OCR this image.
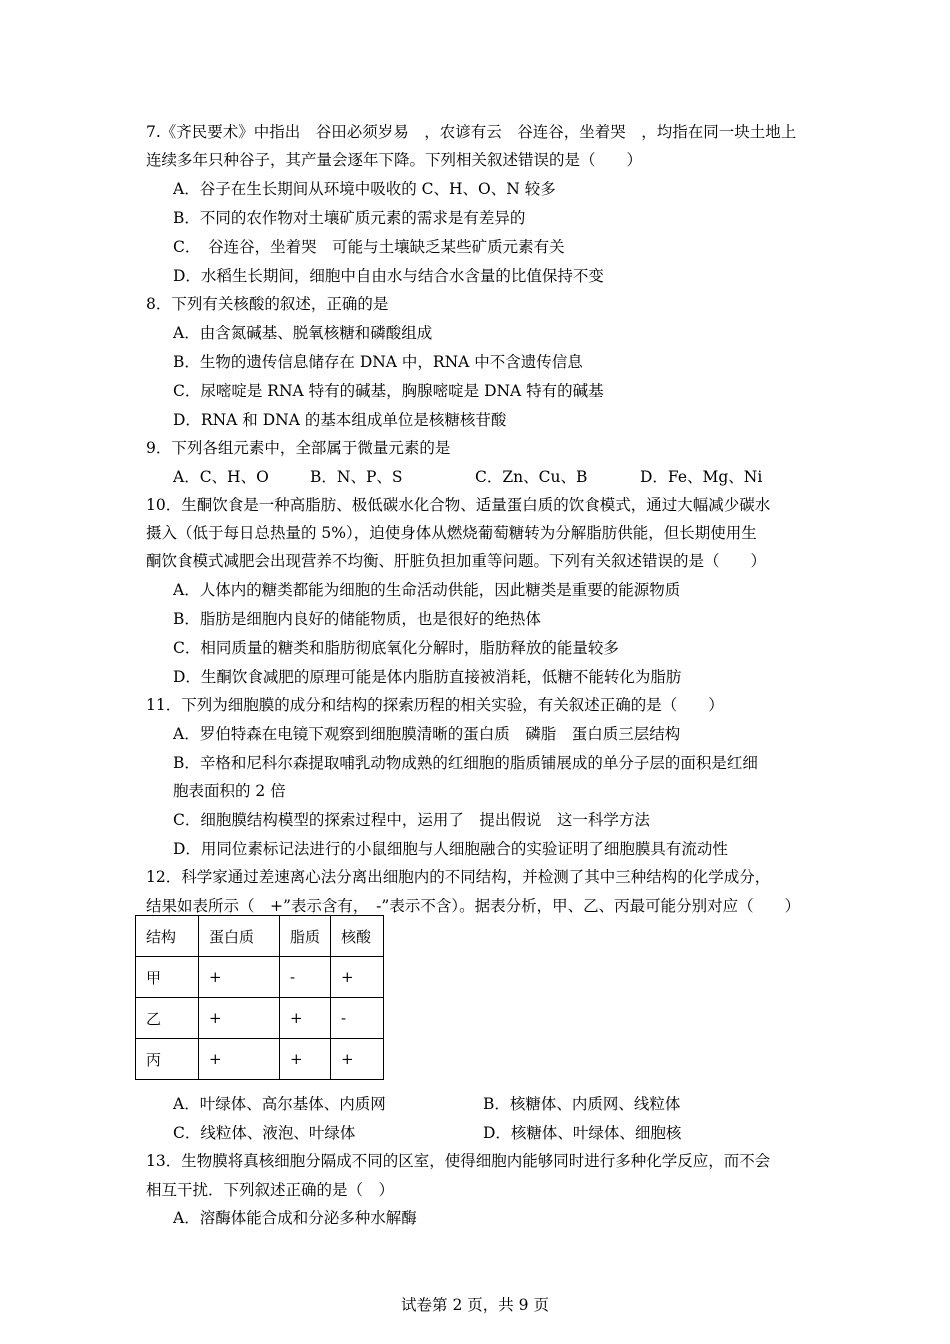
7.《齐民要术》中指出　谷田必须岁易　，农谚有云　谷连谷，坐着哭　，均指在同一块土地上
连续多年只种谷子，其产量会逐年下降。下列相关叙述错误的是（　　）
A．谷子在生长期间从环境中吸收的 C、H、O、N 较多
B．不同的农作物对土壤矿质元素的需求是有差异的
C．　谷连谷，坐着哭　可能与土壤缺乏某些矿质元素有关
D．水稻生长期间，细胞中自由水与结合水含量的比值保持不变
8．下列有关核酸的叙述，正确的是
A．由含氮碱基、脱氧核糖和磷酸组成
B．生物的遗传信息储存在 DNA 中，RNA 中不含遗传信息
C．尿嘧啶是 RNA 特有的碱基，胸腺嘧啶是 DNA 特有的碱基
D．RNA 和 DNA 的基本组成单位是核糖核苷酸
9．下列各组元素中，全部属于微量元素的是
A．C、H、O	B．N、P、S	C．Zn、Cu、B	D．Fe、Mg、Ni
10．生酮饮食是一种高脂肪、极低碳水化合物、适量蛋白质的饮食模式，通过大幅减少碳水
摄入（低于每日总热量的 5%），迫使身体从燃烧葡萄糖转为分解脂肪供能，但长期使用生
酮饮食模式减肥会出现营养不均衡、肝脏负担加重等问题。下列有关叙述错误的是（　　）
A．人体内的糖类都能为细胞的生命活动供能，因此糖类是重要的能源物质
B．脂肪是细胞内良好的储能物质，也是很好的绝热体
C．相同质量的糖类和脂肪彻底氧化分解时，脂肪释放的能量较多
D．生酮饮食减肥的原理可能是体内脂肪直接被消耗，低糖不能转化为脂肪
11．下列为细胞膜的成分和结构的探索历程的相关实验，有关叙述正确的是（　　）
A．罗伯特森在电镜下观察到细胞膜清晰的蛋白质　磷脂　蛋白质三层结构
B．辛格和尼科尔森提取哺乳动物成熟的红细胞的脂质铺展成的单分子层的面积是红细
胞表面积的 2 倍
C．细胞膜结构模型的探索过程中，运用了　提出假说　这一科学方法
D．用同位素标记法进行的小鼠细胞与人细胞融合的实验证明了细胞膜具有流动性
12．科学家通过差速离心法分离出细胞内的不同结构，并检测了其中三种结构的化学成分，
结果如表所示（　+”表示含有，　-”表示不含）。据表分析，甲、乙、丙最可能分别对应（　　）
结构	蛋白质	脂质	核酸
甲	+	-	+
乙	+	+	-
丙	+	+	+
A．叶绿体、高尔基体、内质网	B．核糖体、内质网、线粒体
C．线粒体、液泡、叶绿体	D．核糖体、叶绿体、细胞核
13．生物膜将真核细胞分隔成不同的区室，使得细胞内能够同时进行多种化学反应，而不会
相互干扰．下列叙述正确的是（　）
A．溶酶体能合成和分泌多种水解酶
试卷第 2 页，共 9 页
